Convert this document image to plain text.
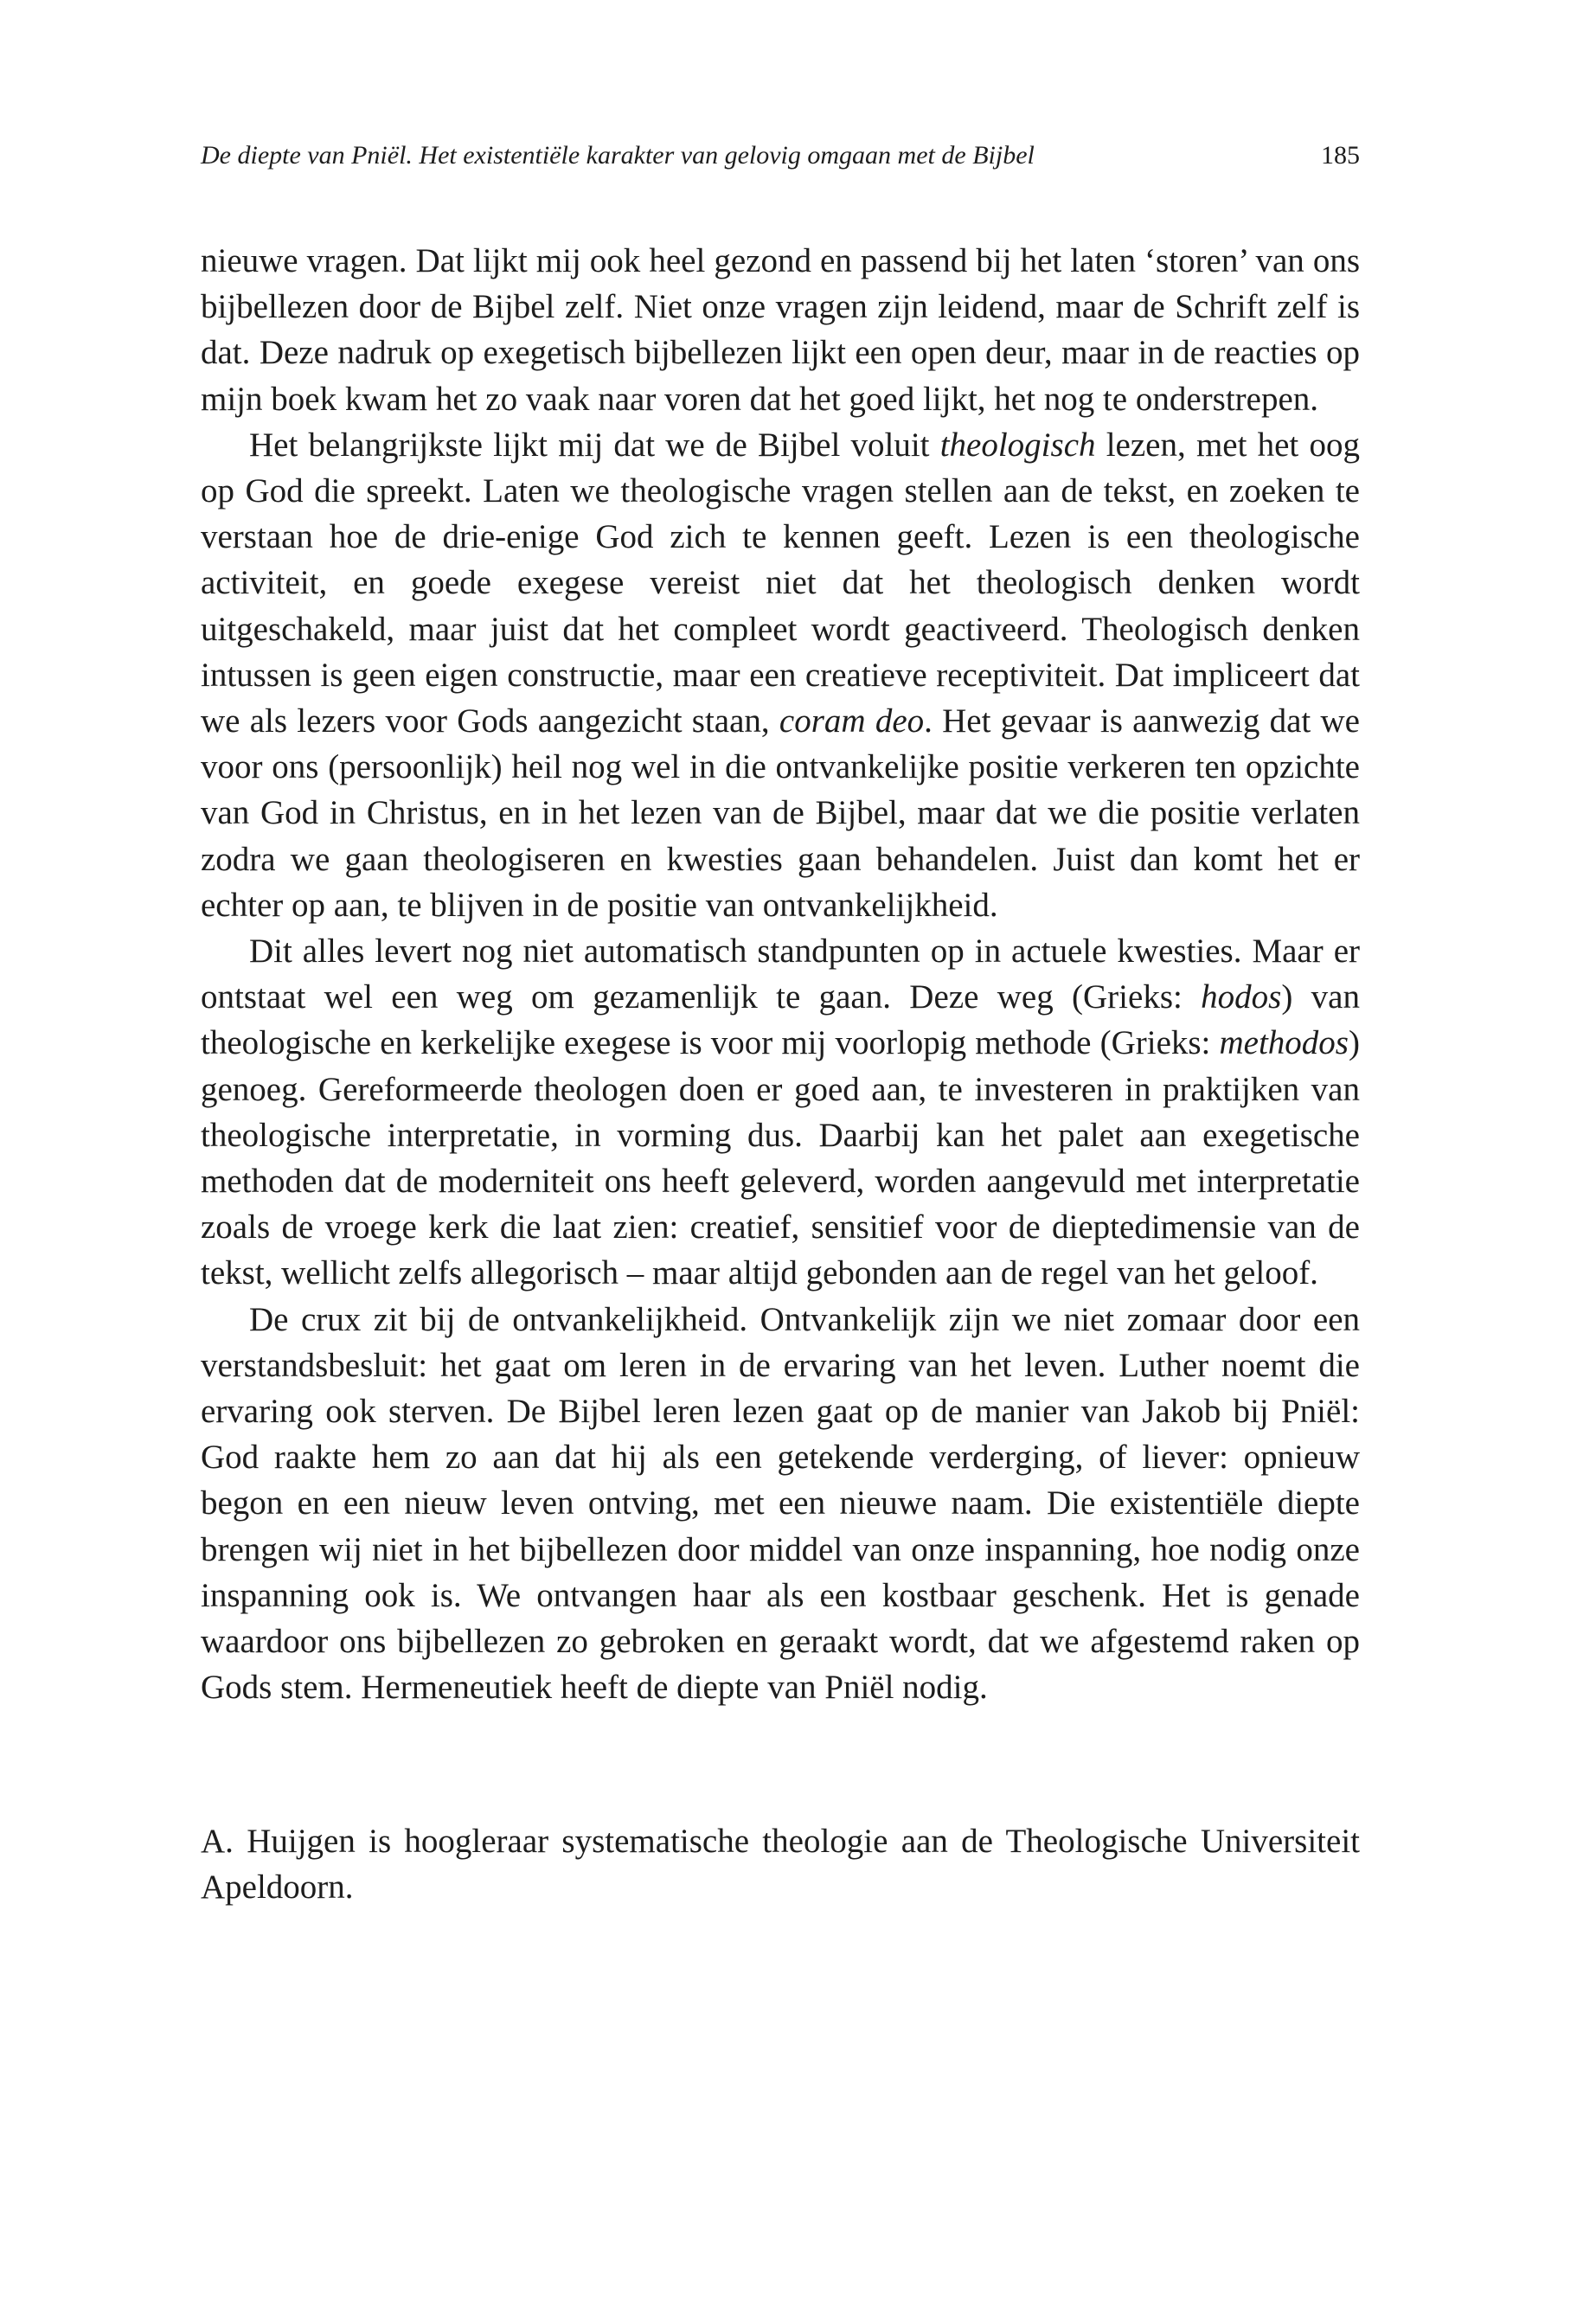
De diepte van Pniël. Het existentiële karakter van gelovig omgaan met de Bijbel	185

nieuwe vragen. Dat lijkt mij ook heel gezond en passend bij het laten ‘storen’ van ons bijbellezen door de Bijbel zelf. Niet onze vragen zijn leidend, maar de Schrift zelf is dat. Deze nadruk op exegetisch bijbellezen lijkt een open deur, maar in de reacties op mijn boek kwam het zo vaak naar voren dat het goed lijkt, het nog te onderstrepen.

Het belangrijkste lijkt mij dat we de Bijbel voluit theologisch lezen, met het oog op God die spreekt. Laten we theologische vragen stellen aan de tekst, en zoeken te verstaan hoe de drie-enige God zich te kennen geeft. Lezen is een theologische activiteit, en goede exegese vereist niet dat het theologisch denken wordt uitgeschakeld, maar juist dat het compleet wordt geactiveerd. Theologisch denken intussen is geen eigen constructie, maar een creatieve receptiviteit. Dat impliceert dat we als lezers voor Gods aangezicht staan, coram deo. Het gevaar is aanwezig dat we voor ons (persoonlijk) heil nog wel in die ontvankelijke positie verkeren ten opzichte van God in Christus, en in het lezen van de Bijbel, maar dat we die positie verlaten zodra we gaan theologiseren en kwesties gaan behandelen. Juist dan komt het er echter op aan, te blijven in de positie van ontvankelijkheid.

Dit alles levert nog niet automatisch standpunten op in actuele kwesties. Maar er ontstaat wel een weg om gezamenlijk te gaan. Deze weg (Grieks: hodos) van theologische en kerkelijke exegese is voor mij voorlopig methode (Grieks: methodos) genoeg. Gereformeerde theologen doen er goed aan, te investeren in praktijken van theologische interpretatie, in vorming dus. Daarbij kan het palet aan exegetische methoden dat de moderniteit ons heeft geleverd, worden aangevuld met interpretatie zoals de vroege kerk die laat zien: creatief, sensitief voor de dieptedimensie van de tekst, wellicht zelfs allegorisch – maar altijd gebonden aan de regel van het geloof.

De crux zit bij de ontvankelijkheid. Ontvankelijk zijn we niet zomaar door een verstandsbesluit: het gaat om leren in de ervaring van het leven. Luther noemt die ervaring ook sterven. De Bijbel leren lezen gaat op de manier van Jakob bij Pniël: God raakte hem zo aan dat hij als een getekende verderging, of liever: opnieuw begon en een nieuw leven ontving, met een nieuwe naam. Die existentiële diepte brengen wij niet in het bijbellezen door middel van onze inspanning, hoe nodig onze inspanning ook is. We ontvangen haar als een kostbaar geschenk. Het is genade waardoor ons bijbellezen zo gebroken en geraakt wordt, dat we afgestemd raken op Gods stem. Hermeneutiek heeft de diepte van Pniël nodig.

A. Huijgen is hoogleraar systematische theologie aan de Theologische Universiteit Apeldoorn.
